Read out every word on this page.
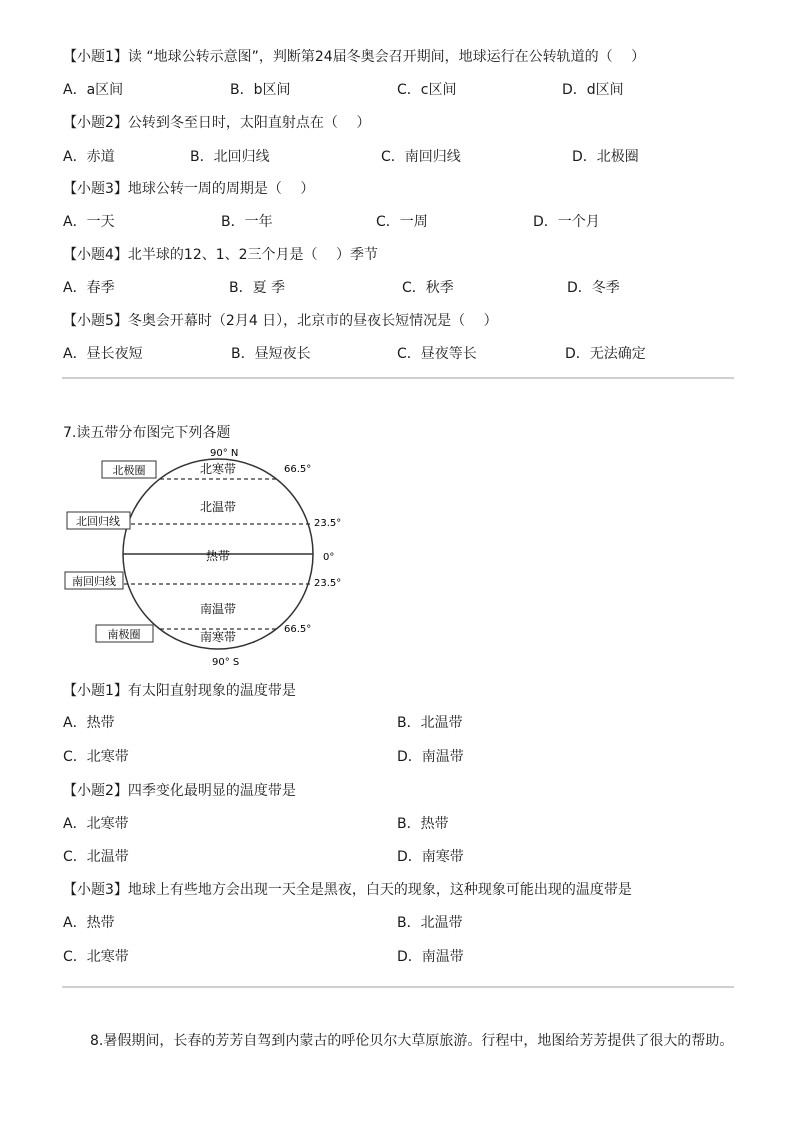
【小题1】读 “地球公转示意图”，判断第24届冬奥会召开期间，地球运行在公转轨道的（　 ）
A．a区间	B．b区间	C．c区间	D．d区间
【小题2】公转到冬至日时，太阳直射点在（　 ）
A．赤道	B．北回归线	C．南回归线	D．北极圈
【小题3】地球公转一周的周期是（　 ）
A．一天	B．一年	C．一周	D．一个月
【小题4】北半球的12、1、2三个月是（　 ）季节
A．春季	B．夏 季	C．秋季	D．冬季
【小题5】冬奥会开幕时（2月4 日），北京市的昼夜长短情况是（　 ）
A．昼长夜短	B．昼短夜长	C．昼夜等长	D．无法确定
7.读五带分布图完下列各题
90° N
90° S
北寒带
北温带
热带
南温带
南寒带
北极圈
北回归线
南回归线
南极圈
66.5°
23.5°
0°
23.5°
66.5°
【小题1】有太阳直射现象的温度带是
A．热带	B．北温带
C．北寒带	D．南温带
【小题2】四季变化最明显的温度带是
A．北寒带	B．热带
C．北温带	D．南寒带
【小题3】地球上有些地方会出现一天全是黑夜，白天的现象，这种现象可能出现的温度带是
A．热带	B．北温带
C．北寒带	D．南温带
8.暑假期间，长春的芳芳自驾到内蒙古的呼伦贝尔大草原旅游。行程中，地图给芳芳提供了很大的帮助。
